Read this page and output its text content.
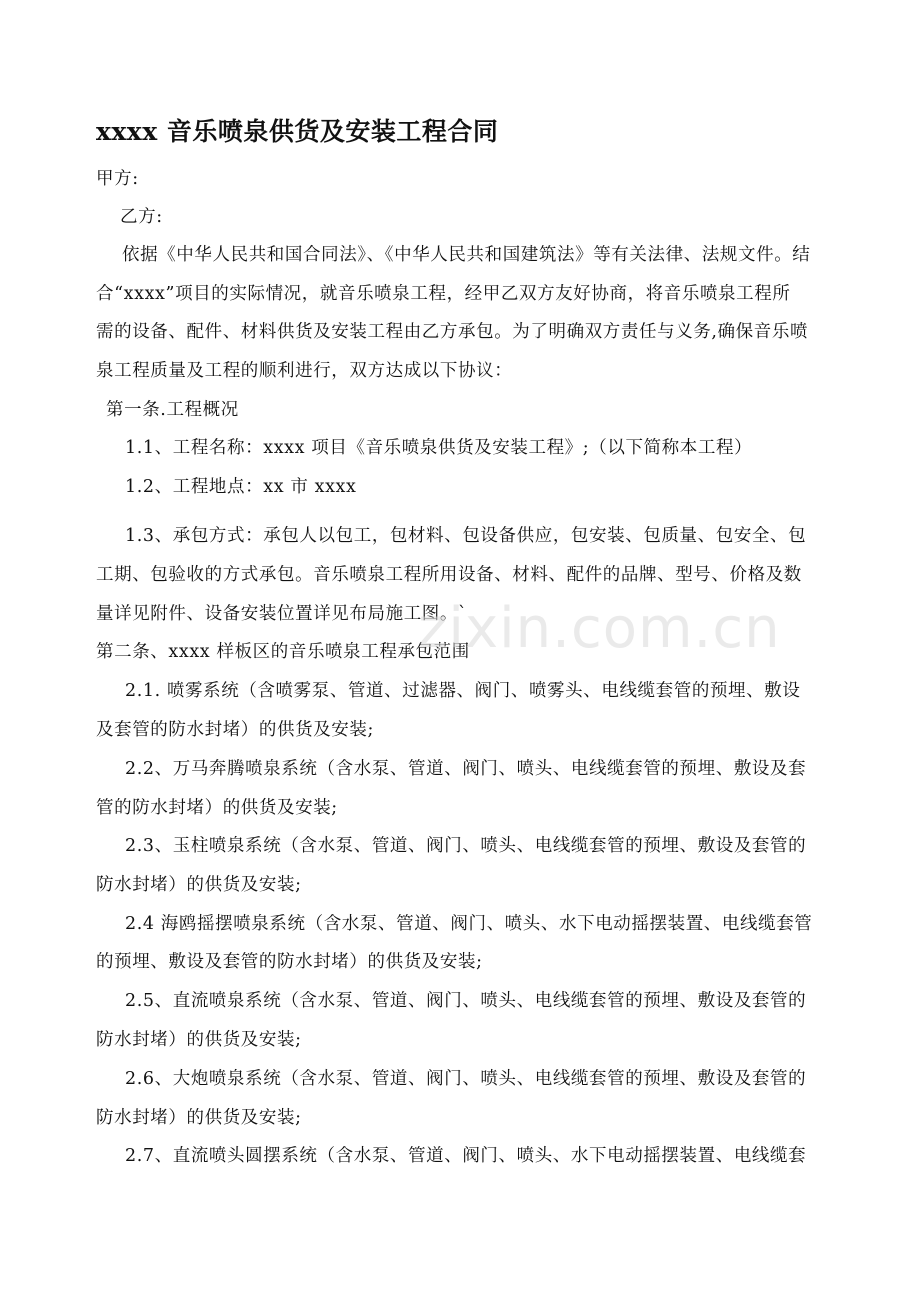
xxxx 音乐喷泉供货及安装工程合同
甲方:
乙方:
依据《中华人民共和国合同法》、《中华人民共和国建筑法》等有关法律、法规文件。结
合“xxxx”项目的实际情况，就音乐喷泉工程，经甲乙双方友好协商，将音乐喷泉工程所
需的设备、配件、材料供货及安装工程由乙方承包。为了明确双方责任与义务,确保音乐喷
泉工程质量及工程的顺利进行，双方达成以下协议：
第一条.工程概况
1.1、工程名称：xxxx 项目《音乐喷泉供货及安装工程》;（以下简称本工程）
1.2、工程地点：xx 市 xxxx
1.3、承包方式：承包人以包工，包材料、包设备供应，包安装、包质量、包安全、包
工期、包验收的方式承包。音乐喷泉工程所用设备、材料、配件的品牌、型号、价格及数
量详见附件、设备安装位置详见布局施工图。`
第二条、xxxx 样板区的音乐喷泉工程承包范围
2.1. 喷雾系统（含喷雾泵、管道、过滤器、阀门、喷雾头、电线缆套管的预埋、敷设
及套管的防水封堵）的供货及安装;
2.2、万马奔腾喷泉系统（含水泵、管道、阀门、喷头、电线缆套管的预埋、敷设及套
管的防水封堵）的供货及安装;
2.3、玉柱喷泉系统（含水泵、管道、阀门、喷头、电线缆套管的预埋、敷设及套管的
防水封堵）的供货及安装;
2.4 海鸥摇摆喷泉系统（含水泵、管道、阀门、喷头、水下电动摇摆装置、电线缆套管
的预埋、敷设及套管的防水封堵）的供货及安装;
2.5、直流喷泉系统（含水泵、管道、阀门、喷头、电线缆套管的预埋、敷设及套管的
防水封堵）的供货及安装;
2.6、大炮喷泉系统（含水泵、管道、阀门、喷头、电线缆套管的预埋、敷设及套管的
防水封堵）的供货及安装;
2.7、直流喷头圆摆系统（含水泵、管道、阀门、喷头、水下电动摇摆装置、电线缆套
zixin.com.cn
